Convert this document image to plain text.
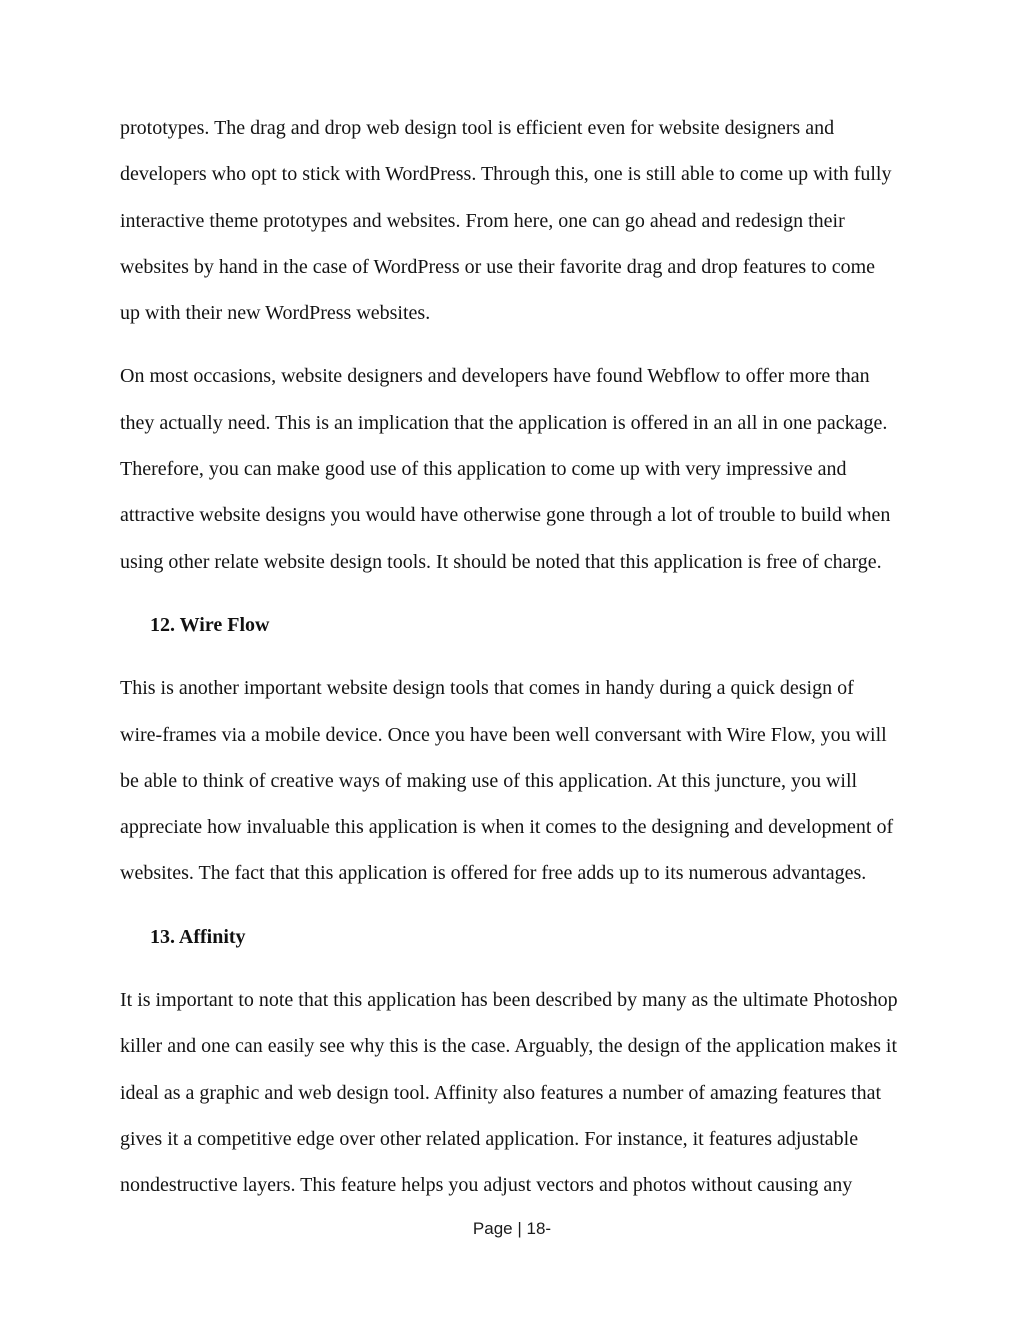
prototypes. The drag and drop web design tool is efficient even for website designers and
developers who opt to stick with WordPress. Through this, one is still able to come up with fully
interactive theme prototypes and websites. From here, one can go ahead and redesign their
websites by hand in the case of WordPress or use their favorite drag and drop features to come
up with their new WordPress websites.
On most occasions, website designers and developers have found Webflow to offer more than
they actually need. This is an implication that the application is offered in an all in one package.
Therefore, you can make good use of this application to come up with very impressive and
attractive website designs you would have otherwise gone through a lot of trouble to build when
using other relate website design tools. It should be noted that this application is free of charge.
12. Wire Flow
This is another important website design tools that comes in handy during a quick design of
wire-frames via a mobile device. Once you have been well conversant with Wire Flow, you will
be able to think of creative ways of making use of this application. At this juncture, you will
appreciate how invaluable this application is when it comes to the designing and development of
websites. The fact that this application is offered for free adds up to its numerous advantages.
13. Affinity
It is important to note that this application has been described by many as the ultimate Photoshop
killer and one can easily see why this is the case. Arguably, the design of the application makes it
ideal as a graphic and web design tool. Affinity also features a number of amazing features that
gives it a competitive edge over other related application. For instance, it features adjustable
nondestructive layers. This feature helps you adjust vectors and photos without causing any
Page | 18-
